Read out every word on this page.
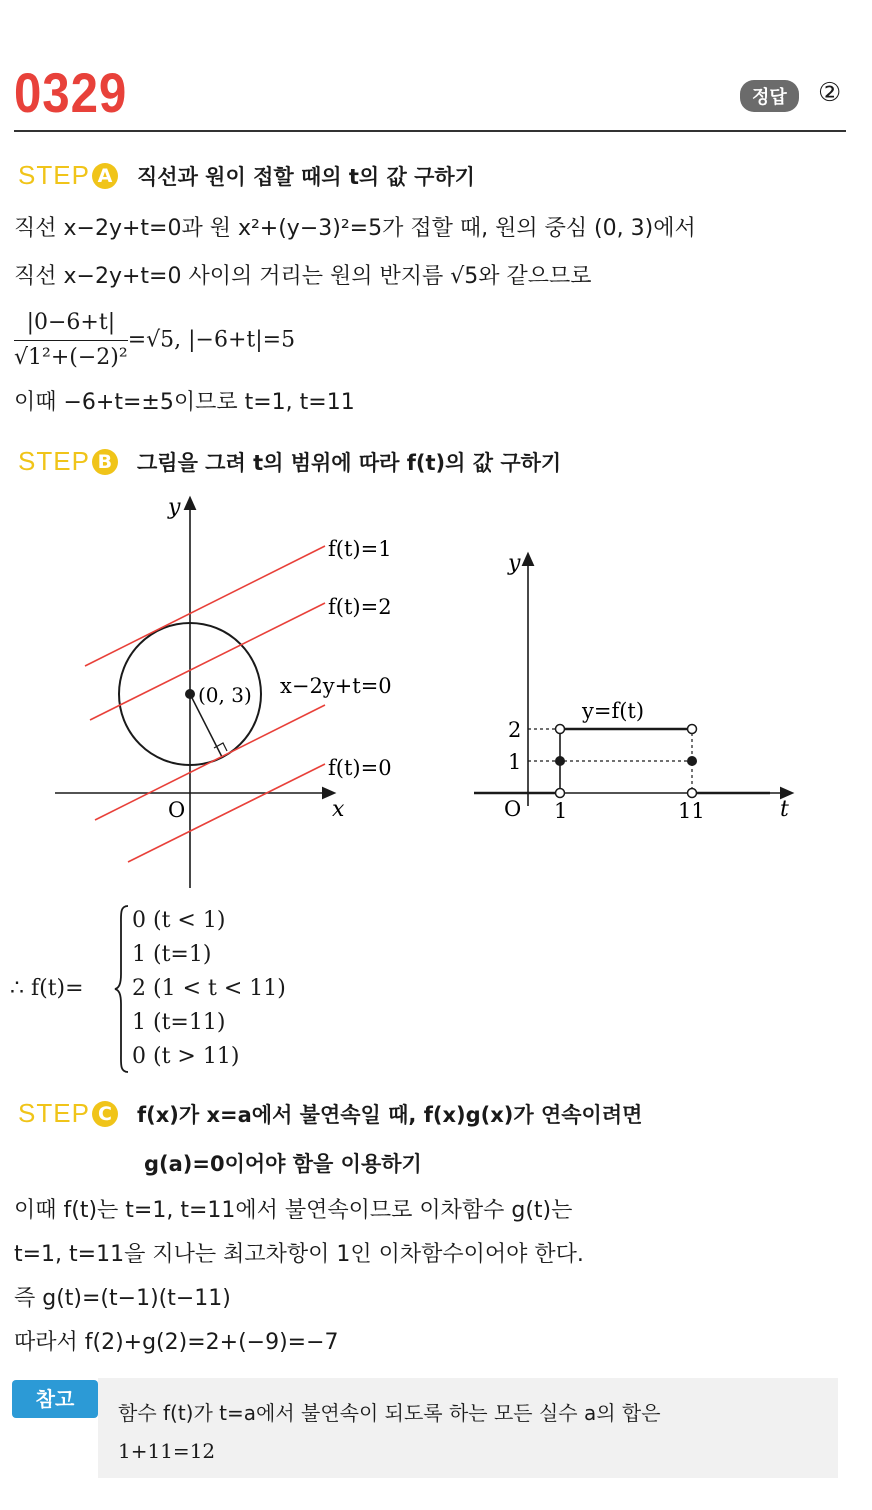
0329	정답	②
STEP A 직선과 원이 접할 때의 t의 값 구하기
직선 x−2y+t=0과 원 x²+(y−3)²=5가 접할 때, 원의 중심 (0, 3)에서
직선 x−2y+t=0 사이의 거리는 원의 반지름 √5와 같으므로
$\frac{|0-6+t|}{\text{√1²+(−2)²}} =√5$, |−6+t|=5
이때 −6+t=±5이므로 t=1, t=11
STEP B 그림을 그려 t의 범위에 따라 f(t)의 값 구하기
y
x
O
(0, 3)
f(t)=1
f(t)=2
x−2y+t=0
f(t)=0
y
t
O 1	11
2
1
y=f(t)
∴ f(t)=
0 (t < 1)
1 (t=1)
2 (1 < t < 11)
1 (t=11)
0 (t > 11)
STEP C f(x)가 x=a에서 불연속일 때, f(x)g(x)가 연속이려면
g(a)=0이어야 함을 이용하기
이때 f(t)는 t=1, t=11에서 불연속이므로 이차함수 g(t)는
t=1, t=11을 지나는 최고차항이 1인 이차함수이어야 한다.
즉 g(t)=(t−1)(t−11)
따라서 f(2)+g(2)=2+(−9)=−7
참고
함수 f(t)가 t=a에서 불연속이 되도록 하는 모든 실수 a의 합은
1+11=12
